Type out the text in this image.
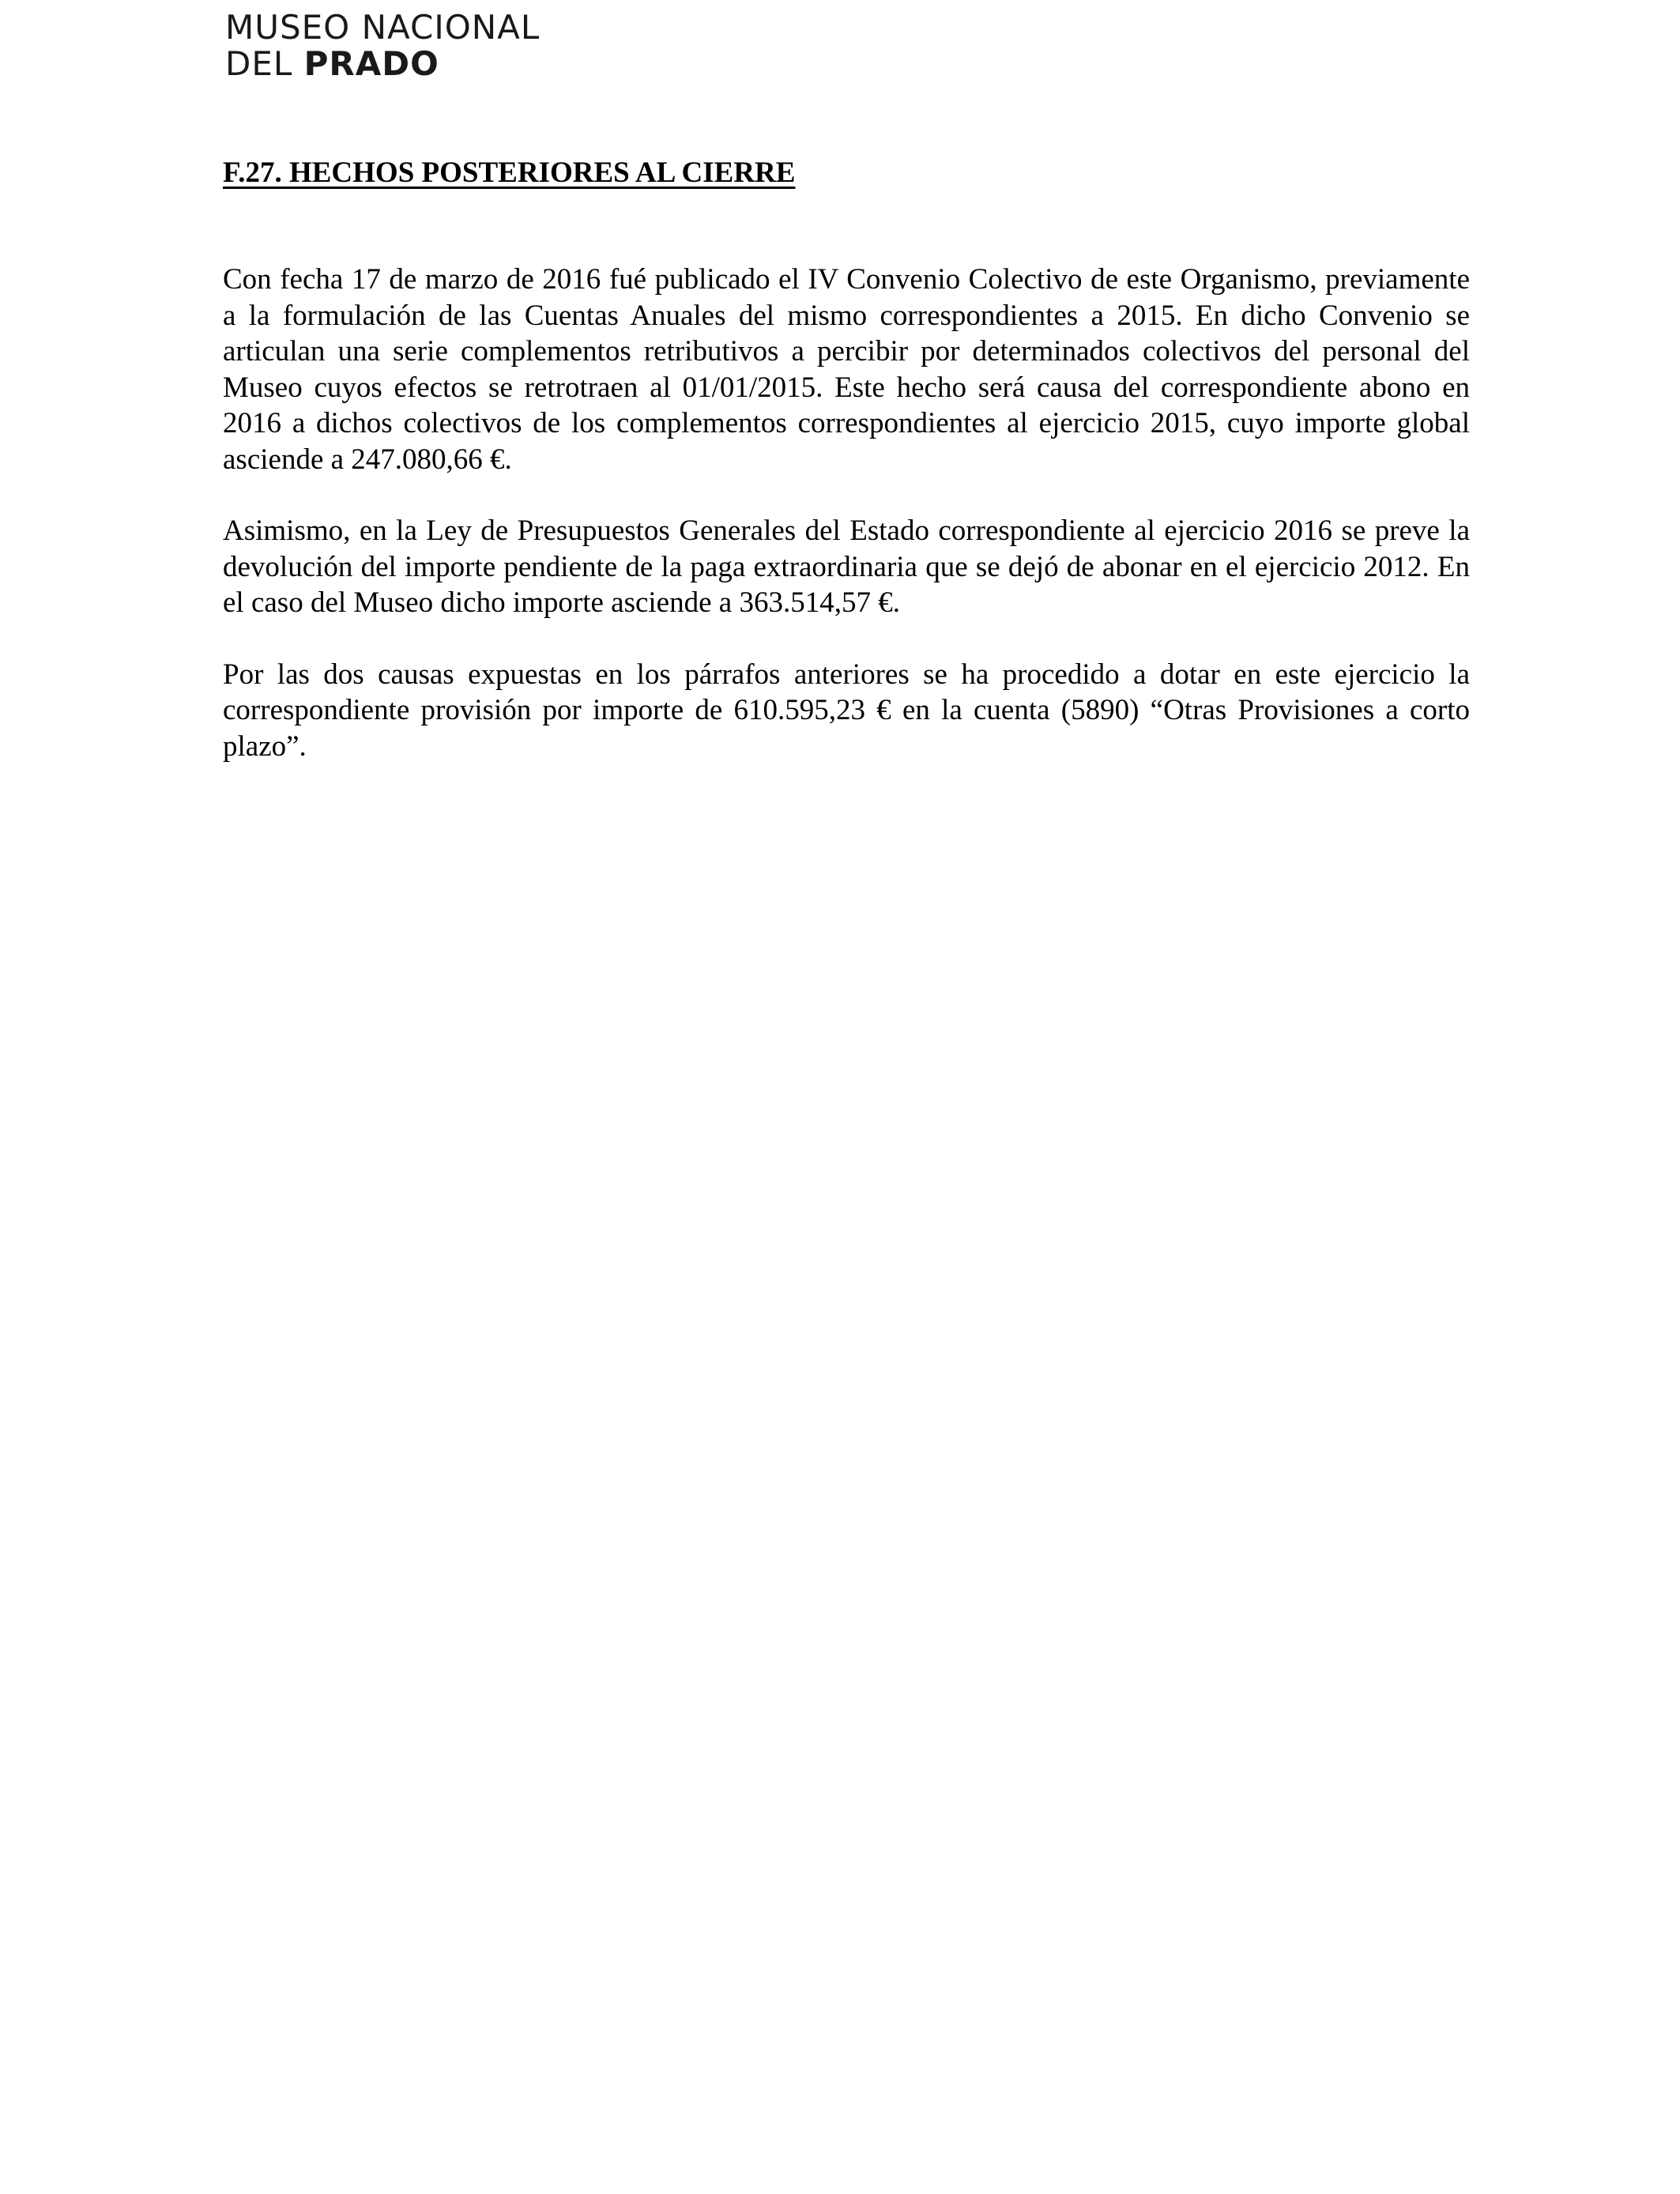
MUSEO NACIONAL
DEL PRADO
F.27. HECHOS POSTERIORES AL CIERRE

Con fecha 17 de marzo de 2016 fué publicado el IV Convenio Colectivo de este Organismo, previamente a la formulación de las Cuentas Anuales del mismo correspondientes a 2015. En dicho Convenio se articulan una serie complementos retributivos a percibir por determinados colectivos del personal del Museo cuyos efectos se retrotraen al 01/01/2015. Este hecho será causa del correspondiente abono en 2016 a dichos colectivos de los complementos correspondientes al ejercicio 2015, cuyo importe global asciende a 247.080,66 €.

Asimismo, en la Ley de Presupuestos Generales del Estado correspondiente al ejercicio 2016 se preve la devolución del importe pendiente de la paga extraordinaria que se dejó de abonar en el ejercicio 2012. En el caso del Museo dicho importe asciende a 363.514,57 €.

Por las dos causas expuestas en los párrafos anteriores se ha procedido a dotar en este ejercicio la correspondiente provisión por importe de 610.595,23 € en la cuenta (5890) “Otras Provisiones a corto plazo”.
